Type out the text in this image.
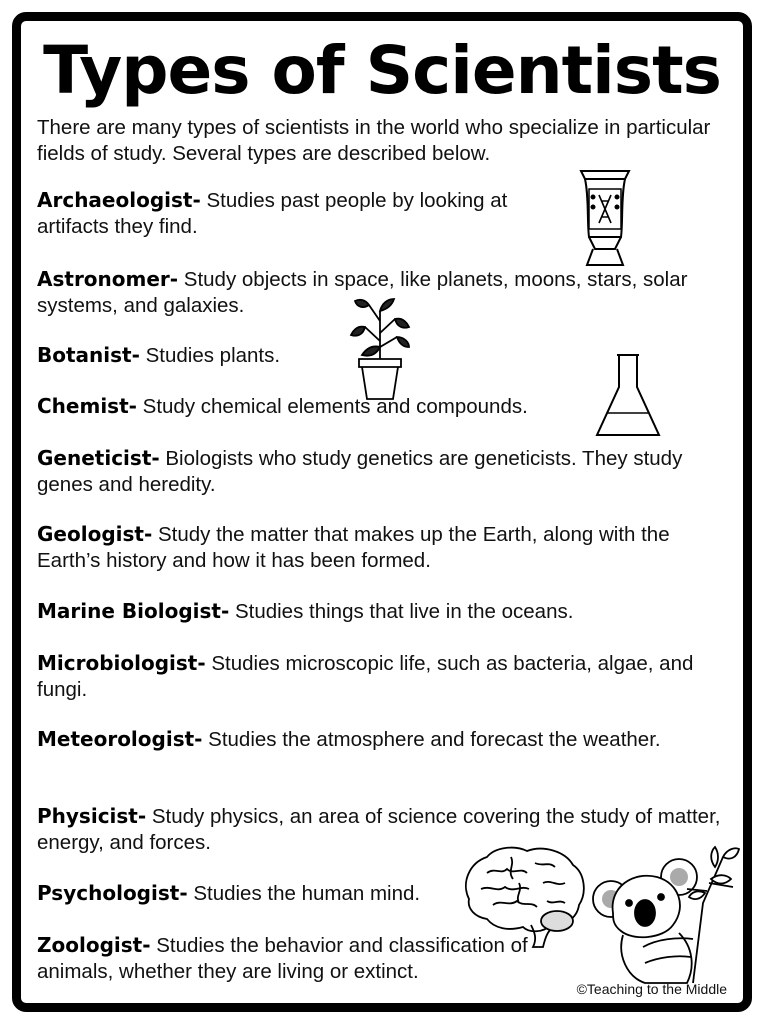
Types of Scientists
There are many types of scientists in the world who specialize in particular fields of study. Several types are described below.
Archaeologist- Studies past people by looking at artifacts they find.
Astronomer- Study objects in space, like planets, moons, stars, solar systems, and galaxies.
Botanist- Studies plants.
Chemist- Study chemical elements and compounds.
Geneticist- Biologists who study genetics are geneticists. They study genes and heredity.
Geologist- Study the matter that makes up the Earth, along with the Earth’s history and how it has been formed.
Marine Biologist- Studies things that live in the oceans.
Microbiologist- Studies microscopic life, such as bacteria, algae, and fungi.
Meteorologist- Studies the atmosphere and forecast the weather.
Physicist- Study physics, an area of science covering the study of matter, energy, and forces.
Psychologist- Studies the human mind.
Zoologist- Studies the behavior and classification of animals, whether they are living or extinct.
©Teaching to the Middle
